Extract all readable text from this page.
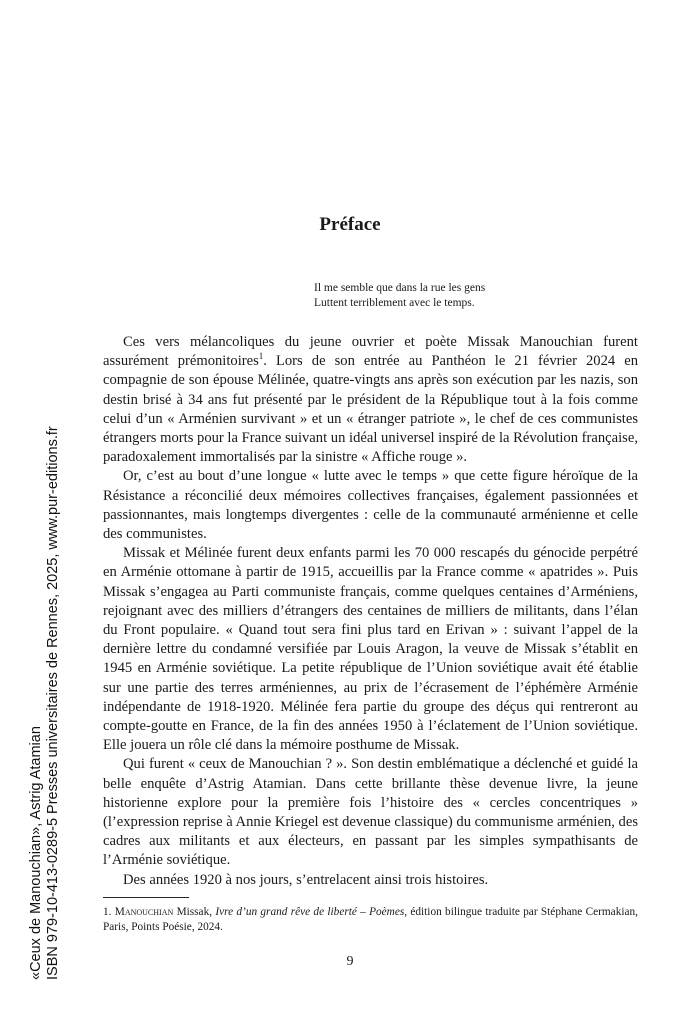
«Ceux de Manouchian», Astrig Atamian ISBN 979-10-413-0289-5 Presses universitaires de Rennes, 2025, www.pur-editions.fr
Préface
Il me semble que dans la rue les gens
Luttent terriblement avec le temps.

Ces vers mélancoliques du jeune ouvrier et poète Missak Manouchian furent assurément prémonitoires$^1$. Lors de son entrée au Panthéon le 21 février 2024 en compagnie de son épouse Mélinée, quatre-vingts ans après son exécution par les nazis, son destin brisé à 34 ans fut présenté par le président de la République tout à la fois comme celui d’un « Arménien survivant » et un « étranger patriote », le chef de ces communistes étrangers morts pour la France suivant un idéal universel inspiré de la Révolution française, paradoxalement immortalisés par la sinistre « Affiche rouge ».

Or, c’est au bout d’une longue « lutte avec le temps » que cette figure héroïque de la Résistance a réconcilié deux mémoires collectives françaises, également passionnées et passionnantes, mais longtemps divergentes : celle de la communauté arménienne et celle des communistes.

Missak et Mélinée furent deux enfants parmi les 70 000 rescapés du génocide perpétré en Arménie ottomane à partir de 1915, accueillis par la France comme « apatrides ». Puis Missak s’engagea au Parti communiste français, comme quelques centaines d’Arméniens, rejoignant avec des milliers d’étrangers des centaines de milliers de militants, dans l’élan du Front populaire. « Quand tout sera fini plus tard en Erivan » : suivant l’appel de la dernière lettre du condamné versifiée par Louis Aragon, la veuve de Missak s’établit en 1945 en Arménie soviétique. La petite république de l’Union soviétique avait été établie sur une partie des terres arméniennes, au prix de l’écrasement de l’éphémère Arménie indépendante de 1918-1920. Mélinée fera partie du groupe des déçus qui rentreront au compte-goutte en France, de la fin des années 1950 à l’éclatement de l’Union soviétique. Elle jouera un rôle clé dans la mémoire posthume de Missak.

Qui furent « ceux de Manouchian ? ». Son destin emblématique a déclenché et guidé la belle enquête d’Astrig Atamian. Dans cette brillante thèse devenue livre, la jeune historienne explore pour la première fois l’histoire des « cercles concentriques » (l’expression reprise à Annie Kriegel est devenue classique) du communisme arménien, des cadres aux militants et aux électeurs, en passant par les simples sympathisants de l’Arménie soviétique.

Des années 1920 à nos jours, s’entrelacent ainsi trois histoires.

1. Manouchian Missak, Ivre d’un grand rêve de liberté – Poèmes, édition bilingue traduite par Stéphane Cermakian, Paris, Points Poésie, 2024.
9
